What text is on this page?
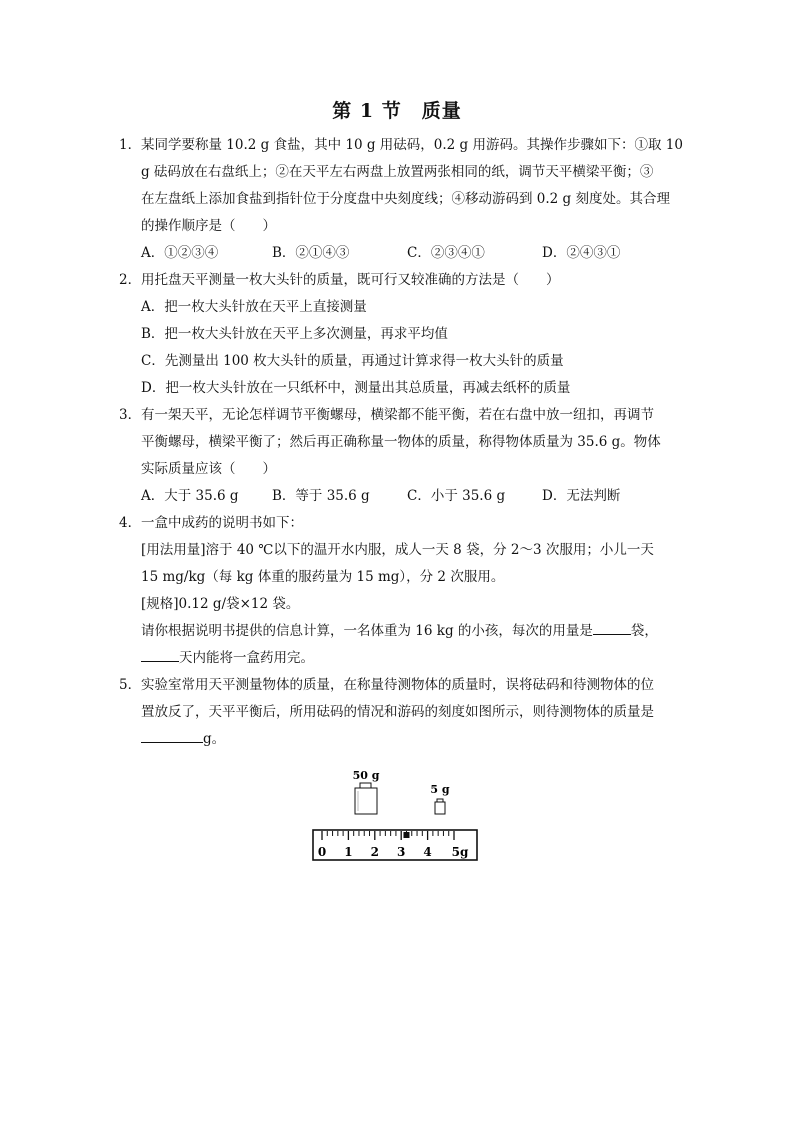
第 1 节　质量
1． 某同学要称量 10.2 g 食盐，其中 10 g 用砝码，0.2 g 用游码。其操作步骤如下：①取 10
g 砝码放在右盘纸上；②在天平左右两盘上放置两张相同的纸，调节天平横梁平衡；③
在左盘纸上添加食盐到指针位于分度盘中央刻度线；④移动游码到 0.2 g 刻度处。其合理
的操作顺序是（　　）
A．①②③④	B．②①④③	C．②③④①	D．②④③①
2． 用托盘天平测量一枚大头针的质量，既可行又较准确的方法是（　　）
A．把一枚大头针放在天平上直接测量
B．把一枚大头针放在天平上多次测量，再求平均值
C．先测量出 100 枚大头针的质量，再通过计算求得一枚大头针的质量
D．把一枚大头针放在一只纸杯中，测量出其总质量，再减去纸杯的质量
3． 有一架天平，无论怎样调节平衡螺母，横梁都不能平衡，若在右盘中放一纽扣，再调节
平衡螺母，横梁平衡了；然后再正确称量一物体的质量，称得物体质量为 35.6 g。物体
实际质量应该（　　）
A．大于 35.6 g	B．等于 35.6 g	C．小于 35.6 g	D．无法判断
4． 一盒中成药的说明书如下：
[用法用量]溶于 40 ℃以下的温开水内服，成人一天 8 袋，分 2～3 次服用；小儿一天
15 mg/kg（每 kg 体重的服药量为 15 mg），分 2 次服用。
[规格]0.12 g/袋×12 袋。
请你根据说明书提供的信息计算，一名体重为 16 kg 的小孩，每次的用量是	袋，
天内能将一盒药用完。
5． 实验室常用天平测量物体的质量，在称量待测物体的质量时，误将砝码和待测物体的位
置放反了，天平平衡后，所用砝码的情况和游码的刻度如图所示，则待测物体的质量是
g。
50 g
5 g
0 1 2 3 4 5g
